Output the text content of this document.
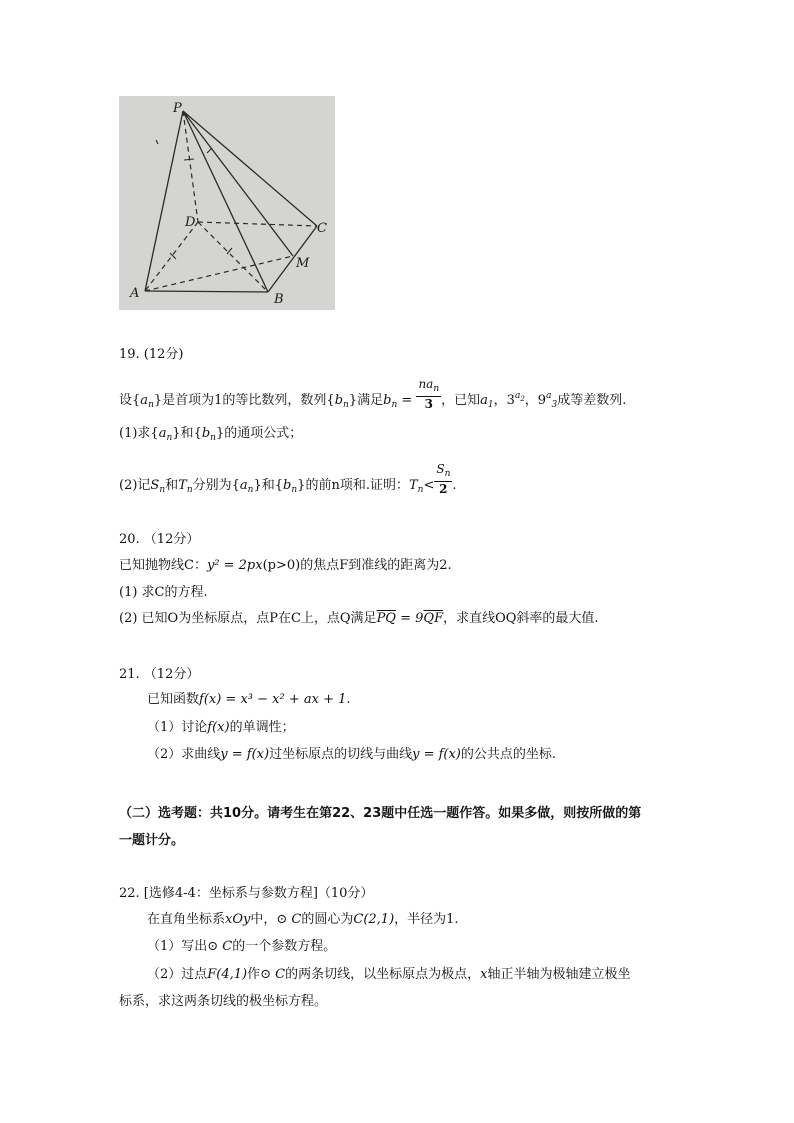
P
D	C
M
A	B
19. (12分)
设$\{a_n\}$是首项为1的等比数列，数列$\{b_n\}$满足$b_n = \frac{na_n}{3}$ ，已知$a_1$，$3^{a2}$，$9^a_3$成等差数列.
(1)求$\{a_n\}$和$\{b_n\}$的通项公式；
(2)记$S_n$和$T_n$分别为$\{a_n\}$和$\{b_n\}$的前n项和.证明：$T_n< \frac{S_n}{2}$ .
20. （12分）
已知抛物线C：y² = 2px(p>0)的焦点F到准线的距离为2.
(1) 求C的方程.
(2) 已知O为坐标原点，点P在C上，点Q满足$\overline{PQ} = 9\overline{QF}$，求直线OQ斜率的最大值.
21. （12分）
已知函数f(x) = x³ − x² + ax + 1.
（1）讨论f(x)的单调性；
（2）求曲线y = f(x)过坐标原点的切线与曲线y = f(x)的公共点的坐标.
（二）选考题：共10分。请考生在第22、23题中任选一题作答。如果多做，则按所做的第
一题计分。
22. [选修4-4：坐标系与参数方程]（10分）
在直角坐标系xOy中，⊙ C的圆心为C(2,1)，半径为1.
（1）写出⊙ C的一个参数方程。
（2）过点F(4,1)作⊙ C的两条切线，以坐标原点为极点，x轴正半轴为极轴建立极坐
标系，求这两条切线的极坐标方程。
